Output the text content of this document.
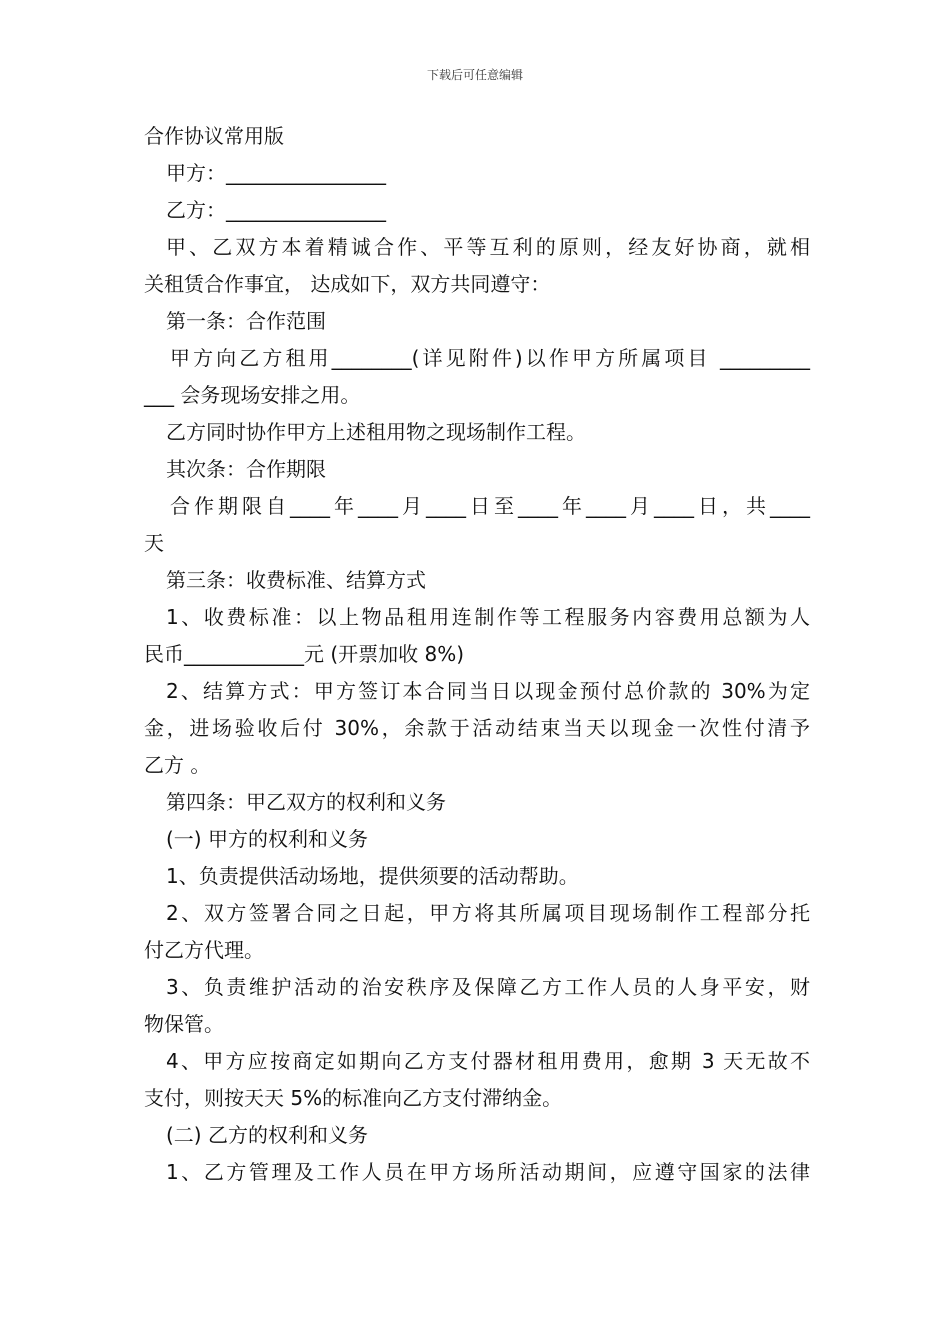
下载后可任意编辑
合作协议常用版
甲方：________________
乙方：________________
甲、乙双方本着精诚合作、平等互利的原则，经友好协商，就相
关租赁合作事宜， 达成如下，双方共同遵守：
第一条：合作范围
甲方向乙方租用________(详见附件)以作甲方所属项目 _________
___ 会务现场安排之用。
乙方同时协作甲方上述租用物之现场制作工程。
其次条：合作期限
合作期限自____年____月____日至____年____月____日，共____
天
第三条：收费标准、结算方式
1、收费标准：以上物品租用连制作等工程服务内容费用总额为人
民币____________元 (开票加收 8%)
2、结算方式：甲方签订本合同当日以现金预付总价款的 30%为定
金，进场验收后付 30%，余款于活动结束当天以现金一次性付清予
乙方 。
第四条：甲乙双方的权利和义务
(一) 甲方的权利和义务
1、负责提供活动场地，提供须要的活动帮助。
2、双方签署合同之日起，甲方将其所属项目现场制作工程部分托
付乙方代理。
3、负责维护活动的治安秩序及保障乙方工作人员的人身平安，财
物保管。
4、甲方应按商定如期向乙方支付器材租用费用，愈期 3 天无故不
支付，则按天天 5%的标准向乙方支付滞纳金。
(二) 乙方的权利和义务
1、乙方管理及工作人员在甲方场所活动期间，应遵守国家的法律
